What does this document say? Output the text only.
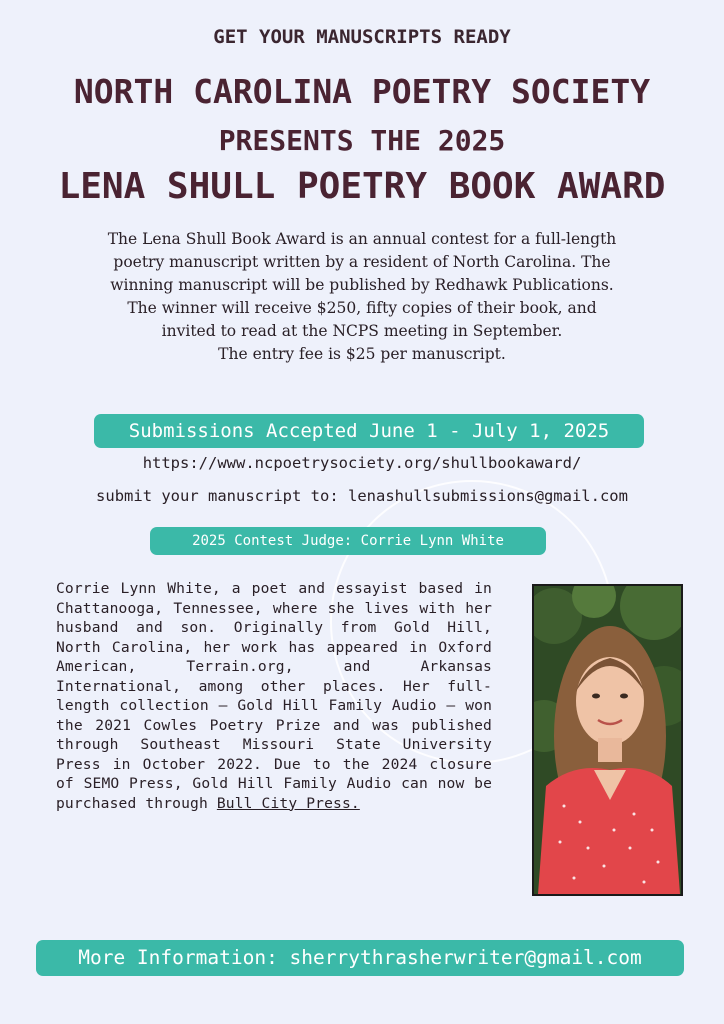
GET YOUR MANUSCRIPTS READY
NORTH CAROLINA POETRY SOCIETY
PRESENTS THE 2025
LENA SHULL POETRY BOOK AWARD

The Lena Shull Book Award is an annual contest for a full-length

poetry manuscript written by a resident of North Carolina. The

winning manuscript will be published by Redhawk Publications.

The winner will receive $250, fifty copies of their book, and

invited to read at the NCPS meeting in September.

The entry fee is $25 per manuscript.

Submissions Accepted June 1 - July 1, 2025
https://www.ncpoetrysociety.org/shullbookaward/
submit your manuscript to: lenashullsubmissions@gmail.com
2025 Contest Judge: Corrie Lynn White
Corrie Lynn White, a poet and essayist based in Chattanooga, Tennessee, where she lives with her husband and son. Originally from Gold Hill, North Carolina, her work has appeared in Oxford American, Terrain.org, and Arkansas International, among other places. Her full-length collection — Gold Hill Family Audio — won the 2021 Cowles Poetry Prize and was published through Southeast Missouri State University Press in October 2022. Due to the 2024 closure of SEMO Press, Gold Hill Family Audio can now be purchased through Bull City Press.
More Information: sherrythrasherwriter@gmail.com
